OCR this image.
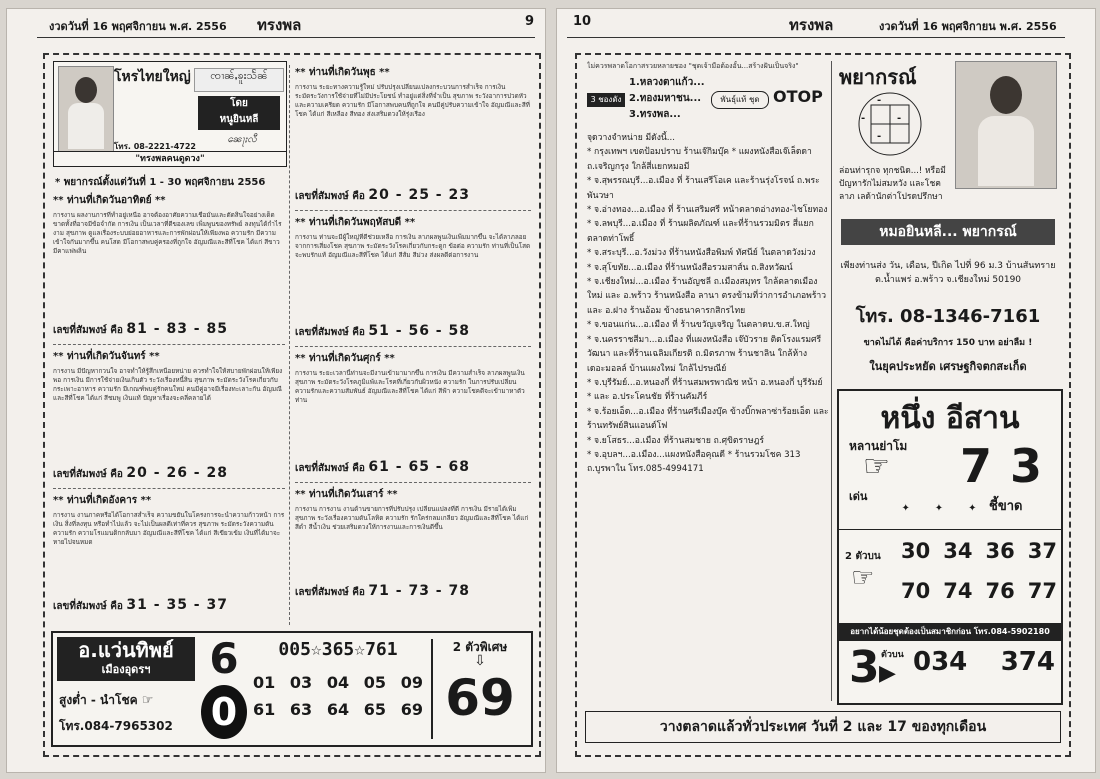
งวดวันที่ 16 พฤศจิกายน พ.ศ. 2556 ทรงพล	9
โหรไทยใหญ่	ၸၢၼ်ႇၶူးသႅၼ်
โดย
หนูยินหลี
ၼေႃႈလီ
โทร. 08-2221-4722
"ทรงพลคนดูดวง"
* พยากรณ์ตั้งแต่วันที่ 1 - 30 พฤศจิกายน 2556
** ท่านที่เกิดวันอาทิตย์ **
การงาน ผลงานการที่ทำอยู่เหนือ อาจต้องอาศัยความเชื่อมั่นและตัดสินใจอย่างเด็ดขาดทั้งที่อาจมีข้อจำกัด การเงิน เป็นเวลาที่ดีของเลข เพิ่มพูนของทรัพย์ ลงทุนได้กำไรงาม สุขภาพ ดูแลเรื่องระบบย่อยอาหารและการพักผ่อนให้เพียงพอ ความรัก มีความเข้าใจกันมากขึ้น คนโสด มีโอกาสพบคู่ครองที่ถูกใจ อัญมณีและสีที่โชค ได้แก่ สีขาว มีคาแฟพลิน
เลขที่สัมพงษ์ คือ 81 - 83 - 85
** ท่านที่เกิดวันจันทร์ **
การงาน มีปัญหากวนใจ อาจทำให้รู้สึกเหนื่อยหน่าย ควรทำใจให้สบายพักผ่อนให้เพียงพอ การเงิน มีการใช้จ่ายเงินเกินตัว ระวังเรื่องหนี้สิน สุขภาพ ระมัดระวังโรคเกี่ยวกับกระเพาะอาหาร ความรัก มีเกณฑ์พบคู่รักคนใหม่ คนมีคู่อาจมีเรื่องทะเลาะกัน อัญมณีและสีที่โชค ได้แก่ สีชมพู เงินแท้ ปัญหาเรื่องจะคลี่คลายได้
เลขที่สัมพงษ์ คือ 20 - 26 - 28
** ท่านที่เกิดอังคาร **
การงาน งานภาคหรือได้โอกาสสำเร็จ ความขยันในโครงการจะนำความก้าวหน้า การเงิน สิ่งที่ลงทุน หรือทำไปแล้ว จะไม่เป็นผลดีเท่าที่ควร สุขภาพ ระมัดระวังความดัน ความรัก ความโรแมนติกกลับมา อัญมณีและสีที่โชค ได้แก่ สีเขียวเข้ม เงินที่ได้มาจะหายไปจนหมด
เลขที่สัมพงษ์ คือ 31 - 35 - 37
** ท่านที่เกิดวันพุธ **
การงาน ระยะทางความรู้ใหม่ ปรับปรุงเปลี่ยนแปลงกระบวนการสำเร็จ การเงิน ระมัดระวังการใช้จ่ายที่ไม่มีประโยชน์ ทำอยู่แต่สิ่งที่จำเป็น สุขภาพ ระวังอาการปวดหัวและความเครียด ความรัก มีโอกาสพบคนที่ถูกใจ คนมีคู่ปรับความเข้าใจ อัญมณีและสีที่โชค ได้แก่ สีเหลือง สีทอง ส่งเสริมดวงให้รุ่งเรือง
เลขที่สัมพงษ์ คือ 20 - 25 - 23
** ท่านที่เกิดวันพฤหัสบดี **
การงาน ท่านจะมีผู้ใหญ่ที่ดีช่วยเหลือ การเงิน ลาภผลพูนเงินเพิ่มมากขึ้น จะได้ลาภลอยจากการเสี่ยงโชค สุขภาพ ระมัดระวังโรคเกี่ยวกับกระดูก ข้อต่อ ความรัก ท่านที่เป็นโสดจะพบรักแท้ อัญมณีและสีที่โชค ได้แก่ สีส้ม สีม่วง ส่งผลดีต่อการงาน
เลขที่สัมพงษ์ คือ 51 - 56 - 58
** ท่านที่เกิดวันศุกร์ **
การงาน ระยะเวลานี้ท่านจะมีงานเข้ามามากขึ้น การเงิน มีความสำเร็จ ลาภผลพูนเงิน สุขภาพ ระมัดระวังโรคภูมิแพ้และโรคที่เกี่ยวกับผิวหนัง ความรัก ในการปรับเปลี่ยนความรักและความสัมพันธ์ อัญมณีและสีที่โชค ได้แก่ สีฟ้า ความโชคดีจะเข้ามาหาตัวท่าน
เลขที่สัมพงษ์ คือ 61 - 65 - 68
** ท่านที่เกิดวันเสาร์ **
การงาน การงาน งานด้านขายการที่ปรับปรุง เปลี่ยนแปลงที่ดี การเงิน มีรายได้เพิ่ม สุขภาพ ระวังเรื่องความดันโลหิต ความรัก รักใคร่กลมเกลียว อัญมณีและสีที่โชค ได้แก่ สีดำ สีน้ำเงิน ช่วยเสริมดวงให้การงานและการเงินดีขึ้น
เลขที่สัมพงษ์ คือ 71 - 73 - 78
อ.แว่นทิพย์
เมืองอุดรฯ	6
0
สูงต่ำ - นำโชค ☞
โทร.084-7965302
005☆365☆761
01 03 04 05 09
61 63 64 65 69
2 ตัวพิเศษ
⇩
69
10	ทรงพล	งวดวันที่ 16 พฤศจิกายน พ.ศ. 2556
ไม่ควรพลาดโอกาสรวยหลายชอง "ชุดเจ้ามือต้องอั้น...สร้างฝันเป็นจริง"
3 ชองดัง
1.หลวงตาแก้ว...
2.ทองมหาชน...
3.ทรงพล...
พันธุ์แท้ ชุด OTOP
จุดวางจำหน่าย มีดังนี้...
* กรุงเทพฯ เขตป้อมปราบ ร้านเจ๊กิมบุ๊ค * แผงหนังสือเจ๊เล็ดดา ถ.เจริญกรุง ใกล้สี่แยกหมอมี
* จ.สุพรรณบุรี...อ.เมือง ที่ ร้านเสรีโอเค และร้านรุ่งโรจน์ ถ.พระพันวษา
* จ.อ่างทอง...อ.เมือง ที่ ร้านเสริมศรี หน้าตลาดอ่างทอง-ไชโยทอง
* จ.ลพบุรี...อ.เมือง ที่ ร้านผลิตภัณฑ์ และที่ร้านรวมมิตร สี่แยกตลาดท่าโพธิ์
* จ.สระบุรี...อ.วังม่วง ที่ร้านหนังสือพิมพ์ ทัศนีย์ ในตลาดวังม่วง
* จ.สุโขทัย...อ.เมือง ที่ร้านหนังสือรวมสาส์น ถ.สิงหวัฒน์
* จ.เชียงใหม่...อ.เมือง ร้านอัญชลี ถ.เมืองสมุทร ใกล้ตลาดเมืองใหม่ และ อ.พร้าว ร้านหนังสือ ลานา ตรงข้ามที่ว่าการอำเภอพร้าวและ อ.ฝาง ร้านอ้อม ข้างธนาคารกสิกรไทย
* จ.ขอนแก่น...อ.เมือง ที่ ร้านขวัญเจริญ ในตลาดบ.ข.ส.ใหญ่
* จ.นครราชสีมา...อ.เมือง ที่แผงหนังสือ เจ๊บัวราย ติดโรงแรมศรีวัฒนา และที่ร้านเฉลิมเกียรติ ถ.มิตรภาพ ร้านชาลิน ใกล้ห้างเดอะมอลล์ บ้านแผงใหม่ ใกล้ไปรษณีย์
* จ.บุรีรัมย์...อ.หนองกี่ ที่ร้านสมพรพาณิช หน้า อ.หนองกี่ บุรีรัมย์ * และ อ.ประโคนชัย ที่ร้านคัมภีร์
* จ.ร้อยเอ็ด...อ.เมือง ที่ร้านศรีเมืองบุ๊ค ข้างบิ๊กพลาซ่าร้อยเอ็ด และร้านทรัพย์สินแอนด์โฟ
* จ.ยโสธร...อ.เมือง ที่ร้านสมชาย ถ.ศุขิตราษฎร์
* จ.อุบลฯ...อ.เมือง...แผงหนังสือคุณดี * ร้านรวมโชค 313 ถ.บูรพาใน โทร.085-4994171
พยากรณ์
-
-
-
-
ล่อนท่ารุกจ ทุกชนิด...! หรือมีปัญหารักไม่สมหวัง และโชคลาภ เลด้านักต่าโปรดปรึกษา
หมอยินหลี... พยากรณ์
เพียงท่านส่ง วัน, เดือน, ปีเกิด ไปที่ 96 ม.3 บ้านสันทราย ต.น้ำแพร่ อ.พร้าว จ.เชียงใหม่ 50190
โทร. 08-1346-7161
ขาดไม่ได้ คือค่าบริการ 150 บาท อย่าลืม !
ในยุคประหยัด เศรษฐกิจตกสะเก็ด
หนึ่ง อีสาน
หลานย่าโม
☞
เด่น
7 3
ชี้ขาด
✦ ✦ ✦
2 ตัวบน
☞
30 34 36 37
70 74 76 77
อยากได้น้อยชุดต้องเป็นสมาชิกก่อน โทร.084-5902180
3 ตัวบน
▶ 034 374
วางตลาดแล้วทั่วประเทศ วันที่ 2 และ 17 ของทุกเดือน
